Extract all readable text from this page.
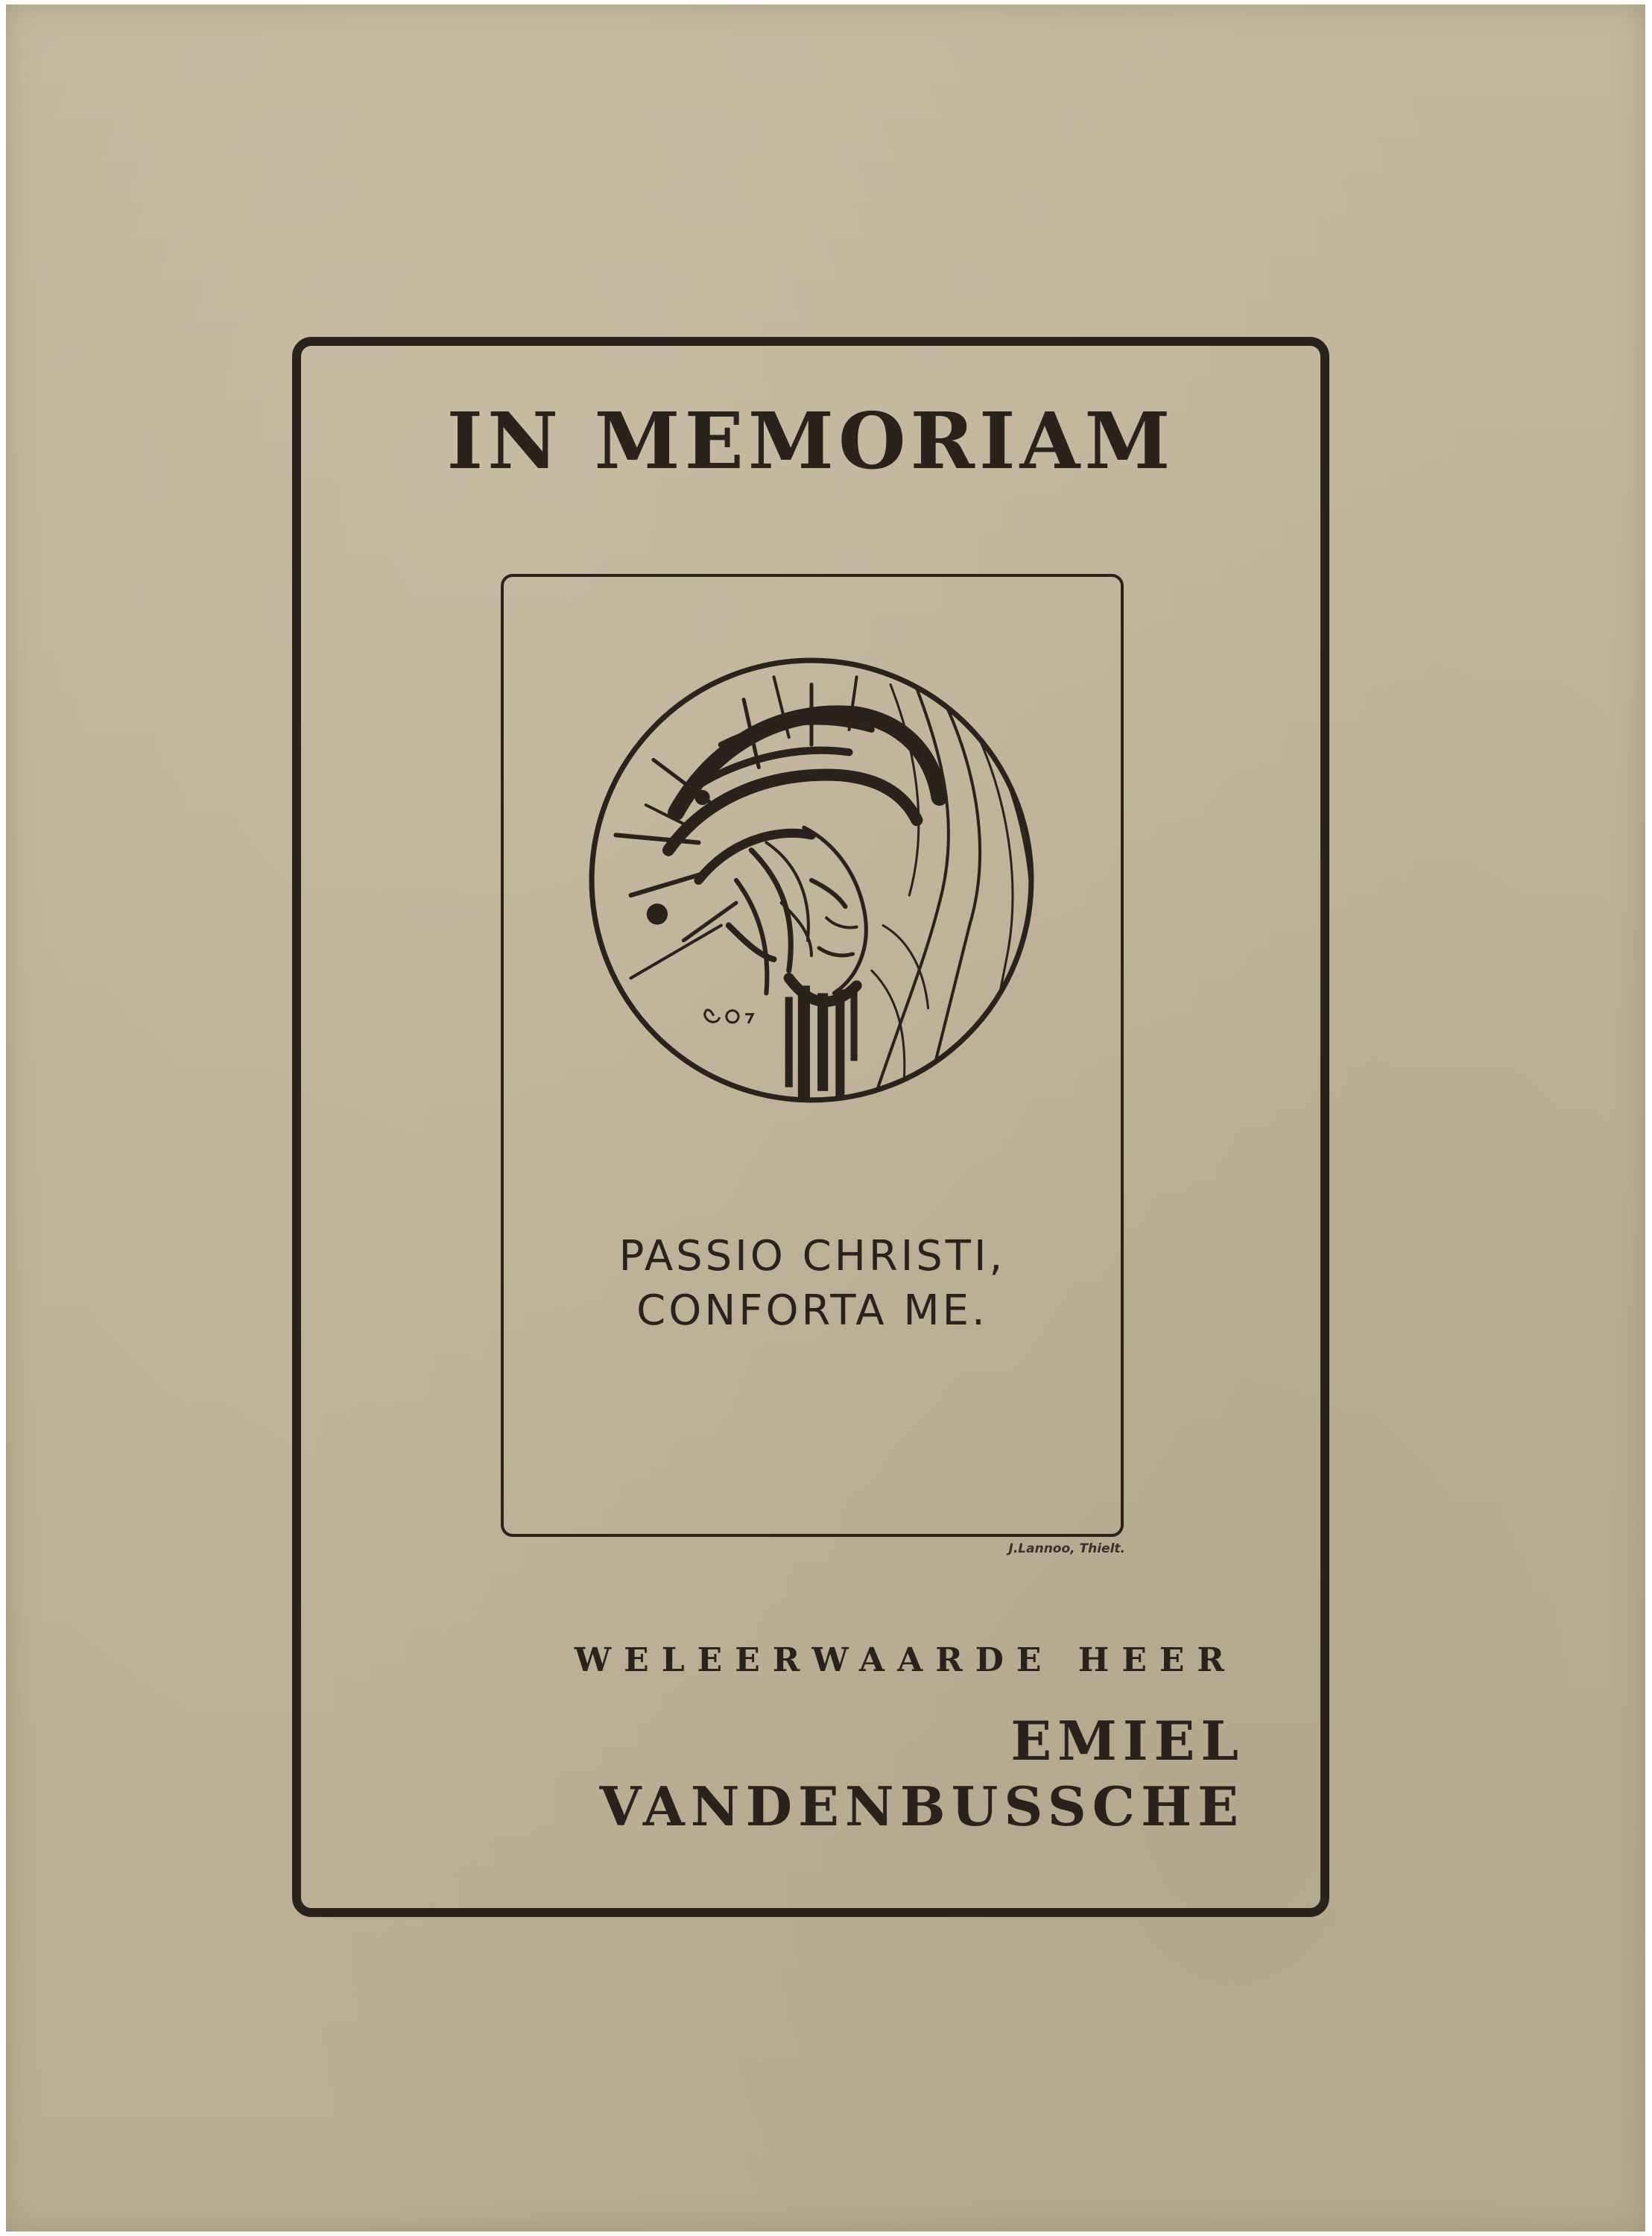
IN MEMORIAM
PASSIO CHRISTI,
CONFORTA ME.
J.Lannoo, Thielt.
WELEERWAARDE HEER
EMIEL
VANDENBUSSCHE
